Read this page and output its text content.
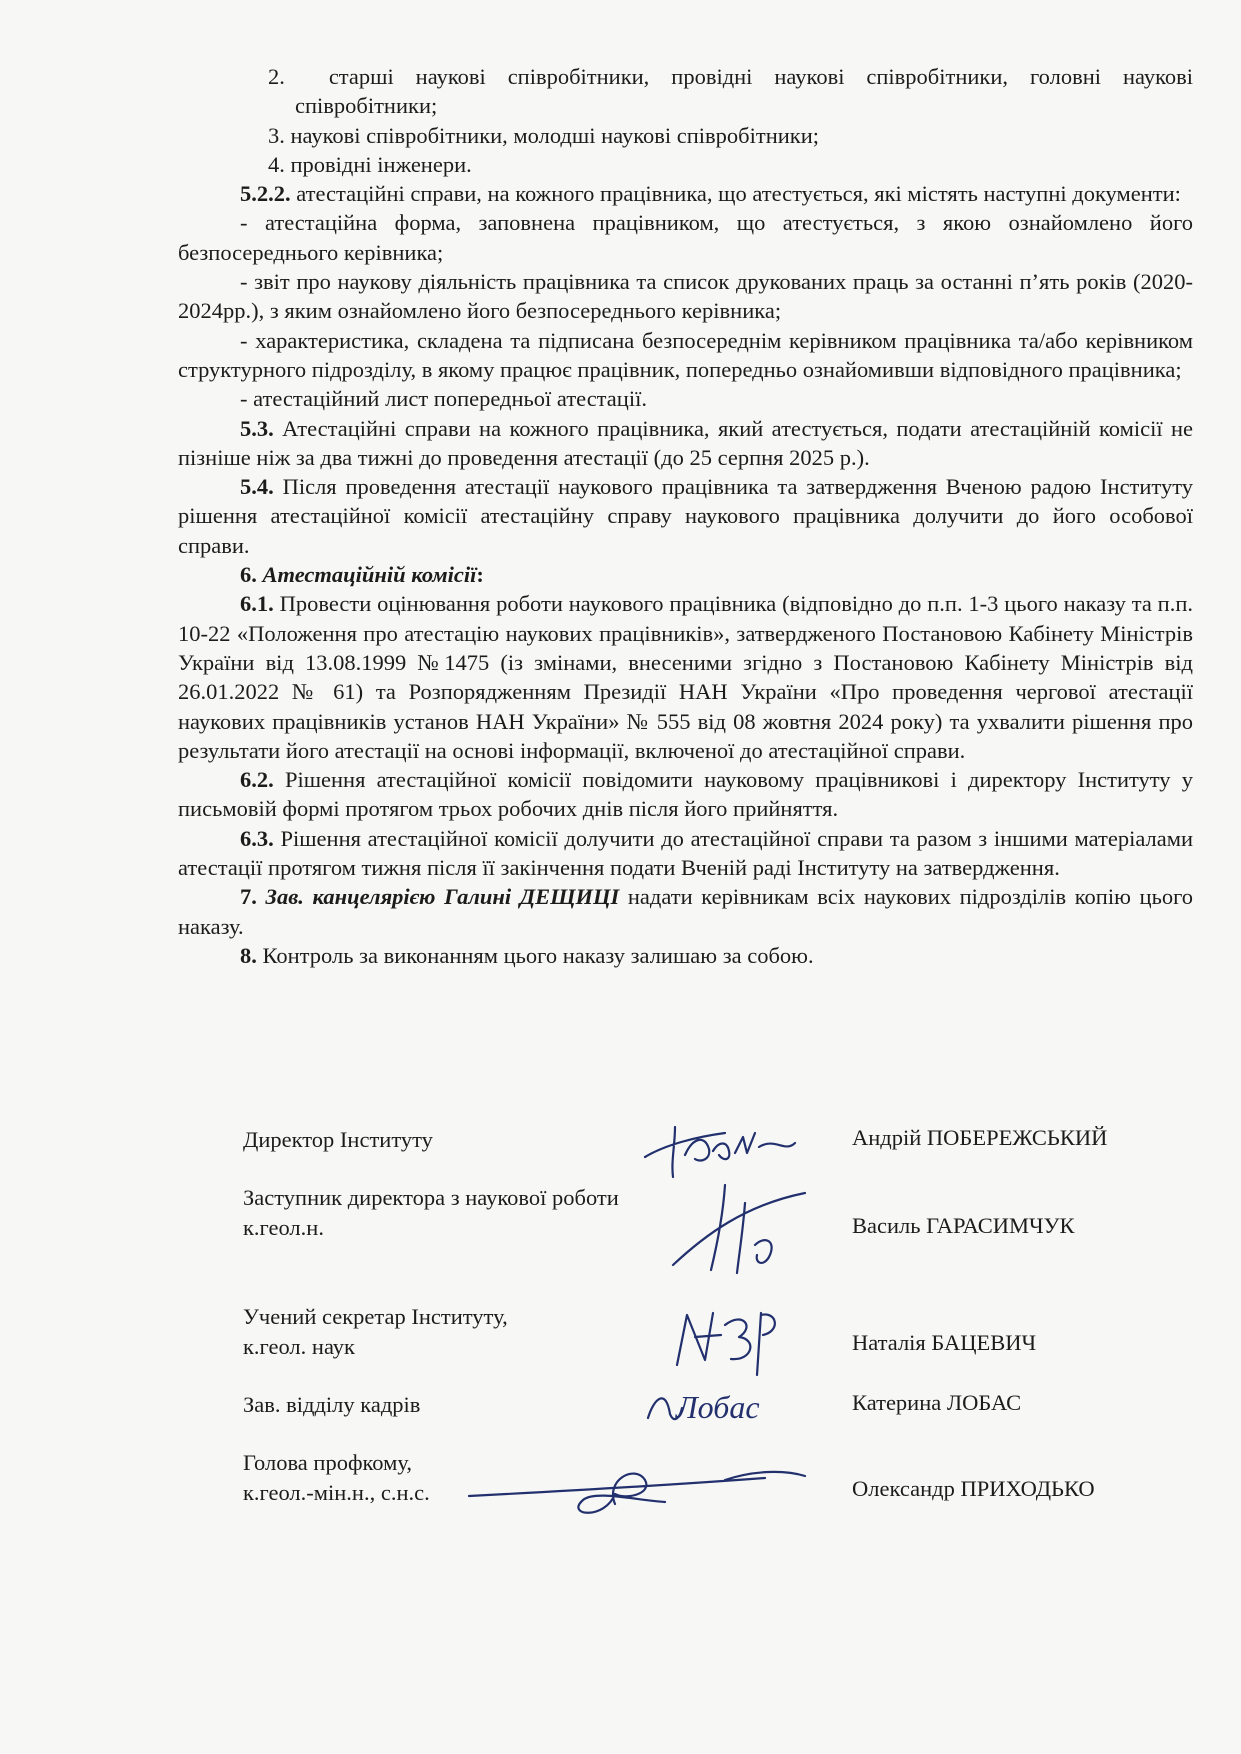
2. старші наукові співробітники, провідні наукові співробітники, головні наукові співробітники;

3. наукові співробітники, молодші наукові співробітники;

4. провідні інженери.

5.2.2. атестаційні справи, на кожного працівника, що атестується, які містять наступні документи:

- атестаційна форма, заповнена працівником, що атестується, з якою ознайомлено його безпосереднього керівника;

- звіт про наукову діяльність працівника та список друкованих праць за останні п’ять років (2020-2024рр.), з яким ознайомлено його безпосереднього керівника;

- характеристика, складена та підписана безпосереднім керівником працівника та/або керівником структурного підрозділу, в якому працює працівник, попередньо ознайомивши відповідного працівника;

- атестаційний лист попередньої атестації.

5.3. Атестаційні справи на кожного працівника, який атестується, подати атестаційній комісії не пізніше ніж за два тижні до проведення атестації (до 25 серпня 2025 р.).

5.4. Після проведення атестації наукового працівника та затвердження Вченою радою Інституту рішення атестаційної комісії атестаційну справу наукового працівника долучити до його особової справи.

6. Атестаційній комісії:

6.1. Провести оцінювання роботи наукового працівника (відповідно до п.п. 1-3 цього наказу та п.п. 10-22 «Положення про атестацію наукових працівників», затвердженого Постановою Кабінету Міністрів України від 13.08.1999 №1475 (із змінами, внесеними згідно з Постановою Кабінету Міністрів від 26.01.2022 № 61) та Розпорядженням Президії НАН України «Про проведення чергової атестації наукових працівників установ НАН України» № 555 від 08 жовтня 2024 року) та ухвалити рішення про результати його атестації на основі інформації, включеної до атестаційної справи.

6.2. Рішення атестаційної комісії повідомити науковому працівникові і директору Інституту у письмовій формі протягом трьох робочих днів після його прийняття.

6.3. Рішення атестаційної комісії долучити до атестаційної справи та разом з іншими матеріалами атестації протягом тижня після її закінчення подати Вченій раді Інституту на затвердження.

7. Зав. канцелярією Галині ДЕЩИЦІ надати керівникам всіх наукових підрозділів копію цього наказу.

8. Контроль за виконанням цього наказу залишаю за собою.

Директор Інституту	Андрій ПОБЕРЕЖСЬКИЙ
Заступник директора з наукової роботи
к.геол.н.	Василь ГАРАСИМЧУК
Учений секретар Інституту,
к.геол. наук	Наталія БАЦЕВИЧ
Зав. відділу кадрів	Катерина ЛОБАС
Лобас
Голова профкому,
к.геол.-мін.н., с.н.с.	Олександр ПРИХОДЬКО
